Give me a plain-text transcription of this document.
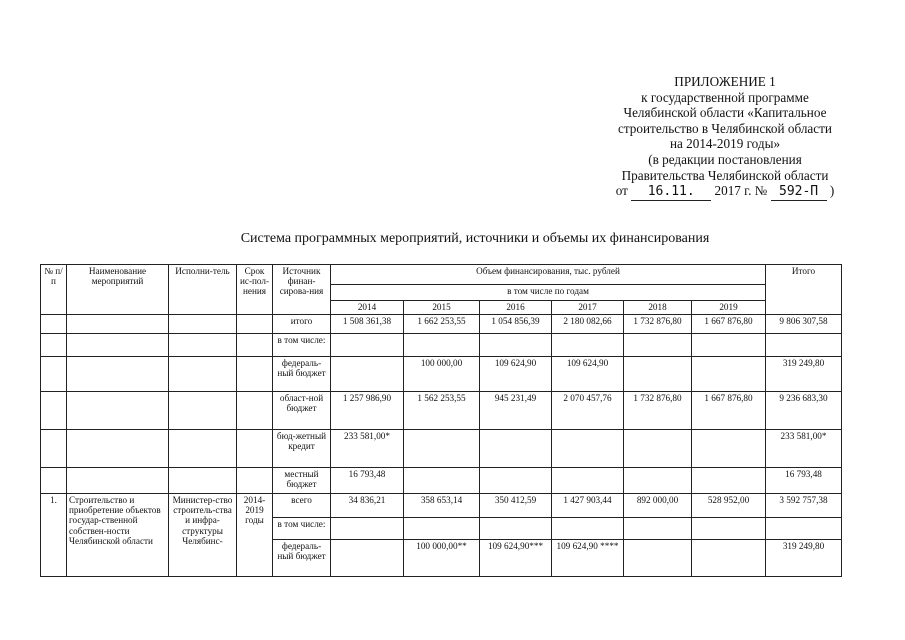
ПРИЛОЖЕНИЕ 1
к государственной программе
Челябинской области «Капитальное
строительство в Челябинской области
на 2014-2019 годы»
(в редакции постановления
Правительства Челябинской области
от 16.11. 2017 г. № 592-П )
Система программных мероприятий, источники и объемы их финансирования
№ п/п	Наименование мероприятий	Исполни-тель	Срок ис-пол-нения	Источник финан-сирова-ния	Объем финансирования, тыс. рублей						Итого
					в том числе по годам						
					2014	2015	2016	2017	2018	2019	
				итого	1 508 361,38	1 662 253,55	1 054 856,39	2 180 082,66	1 732 876,80	1 667 876,80	9 806 307,58
				в том числе:							
				федераль-ный бюджет		100 000,00	109 624,90	109 624,90			319 249,80
				област-ной бюджет	1 257 986,90	1 562 253,55	945 231,49	2 070 457,76	1 732 876,80	1 667 876,80	9 236 683,30
				бюд-жетный кредит	233 581,00*						233 581,00*
				местный бюджет	16 793,48						16 793,48
1.	Строительство и приобретение объектов государ-ственной собствен-ности Челябинской области	Министер-ство строитель-ства и инфра-структуры Челябинс-	2014-2019 годы	всего	34 836,21	358 653,14	350 412,59	1 427 903,44	892 000,00	528 952,00	3 592 757,38
				в том числе:							
				федераль-ный бюджет		100 000,00**	109 624,90***	109 624,90 ****			319 249,80
